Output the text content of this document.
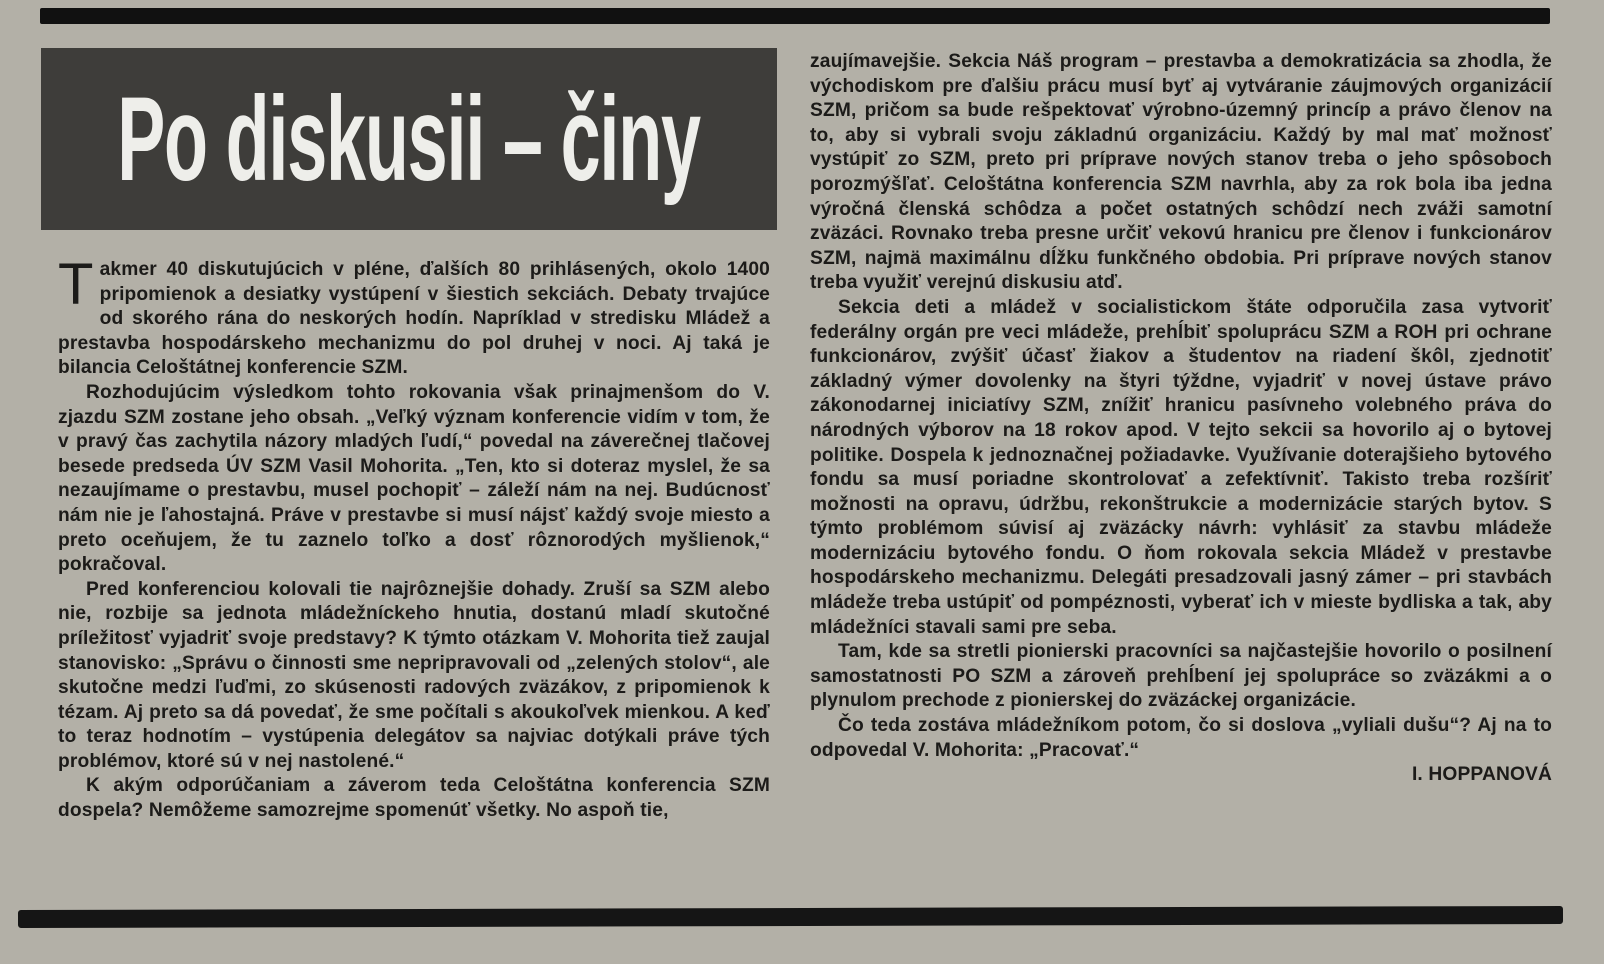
Po diskusii – činy

Takmer 40 diskutujúcich v pléne, ďalších 80 prihlásených, okolo 1400 pripomienok a desiatky vystúpení v šiestich sekciách. Debaty trvajúce od skorého rána do neskorých hodín. Napríklad v stredisku Mládež a prestavba hospodárskeho mechanizmu do pol druhej v noci. Aj taká je bilancia Celoštátnej konferencie SZM.

Rozhodujúcim výsledkom tohto rokovania však prinajmenšom do V. zjazdu SZM zostane jeho obsah. „Veľký význam konferencie vidím v tom, že v pravý čas zachytila názory mladých ľudí,“ povedal na záverečnej tlačovej besede predseda ÚV SZM Vasil Mohorita. „Ten, kto si doteraz myslel, že sa nezaujímame o prestavbu, musel pochopiť – záleží nám na nej. Budúcnosť nám nie je ľahostajná. Práve v prestavbe si musí nájsť každý svoje miesto a preto oceňujem, že tu zaznelo toľko a dosť rôznorodých myšlienok,“ pokračoval.

Pred konferenciou kolovali tie najrôznejšie dohady. Zruší sa SZM alebo nie, rozbije sa jednota mládežníckeho hnutia, dostanú mladí skutočné príležitosť vyjadriť svoje predstavy? K týmto otázkam V. Mohorita tiež zaujal stanovisko: „Správu o činnosti sme nepripravovali od „zelených stolov“, ale skutočne medzi ľuďmi, zo skúsenosti radových zväzákov, z pripomienok k tézam. Aj preto sa dá povedať, že sme počítali s akoukoľvek mienkou. A keď to teraz hodnotím – vystúpenia delegátov sa najviac dotýkali práve tých problémov, ktoré sú v nej nastolené.“

K akým odporúčaniam a záverom teda Celoštátna konferencia SZM dospela? Nemôžeme samozrejme spomenúť všetky. No aspoň tie,

zaujímavejšie. Sekcia Náš program – prestavba a demokratizácia sa zhodla, že východiskom pre ďalšiu prácu musí byť aj vytváranie záujmových organizácií SZM, pričom sa bude rešpektovať výrobno-územný princíp a právo členov na to, aby si vybrali svoju základnú organizáciu. Každý by mal mať možnosť vystúpiť zo SZM, preto pri príprave nových stanov treba o jeho spôsoboch porozmýšľať. Celoštátna konferencia SZM navrhla, aby za rok bola iba jedna výročná členská schôdza a počet ostatných schôdzí nech zváži samotní zväzáci. Rovnako treba presne určiť vekovú hranicu pre členov i funkcionárov SZM, najmä maximálnu dĺžku funkčného obdobia. Pri príprave nových stanov treba využiť verejnú diskusiu atď.

Sekcia deti a mládež v socialistickom štáte odporučila zasa vytvoriť federálny orgán pre veci mládeže, prehĺbiť spoluprácu SZM a ROH pri ochrane funkcionárov, zvýšiť účasť žiakov a študentov na riadení škôl, zjednotiť základný výmer dovolenky na štyri týždne, vyjadriť v novej ústave právo zákonodarnej iniciatívy SZM, znížiť hranicu pasívneho volebného práva do národných výborov na 18 rokov apod. V tejto sekcii sa hovorilo aj o bytovej politike. Dospela k jednoznačnej požiadavke. Využívanie doterajšieho bytového fondu sa musí poriadne skontrolovať a zefektívniť. Takisto treba rozšíriť možnosti na opravu, údržbu, rekonštrukcie a modernizácie starých bytov. S týmto problémom súvisí aj zväzácky návrh: vyhlásiť za stavbu mládeže modernizáciu bytového fondu. O ňom rokovala sekcia Mládež v prestavbe hospodárskeho mechanizmu. Delegáti presadzovali jasný zámer – pri stavbách mládeže treba ustúpiť od pompéznosti, vyberať ich v mieste bydliska a tak, aby mládežníci stavali sami pre seba.

Tam, kde sa stretli pionierski pracovníci sa najčastejšie hovorilo o posilnení samostatnosti PO SZM a zároveň prehĺbení jej spolupráce so zväzákmi a o plynulom prechode z pionierskej do zväzáckej organizácie.

Čo teda zostáva mládežníkom potom, čo si doslova „vyliali dušu“? Aj na to odpovedal V. Mohorita: „Pracovať.“

I. HOPPANOVÁ
